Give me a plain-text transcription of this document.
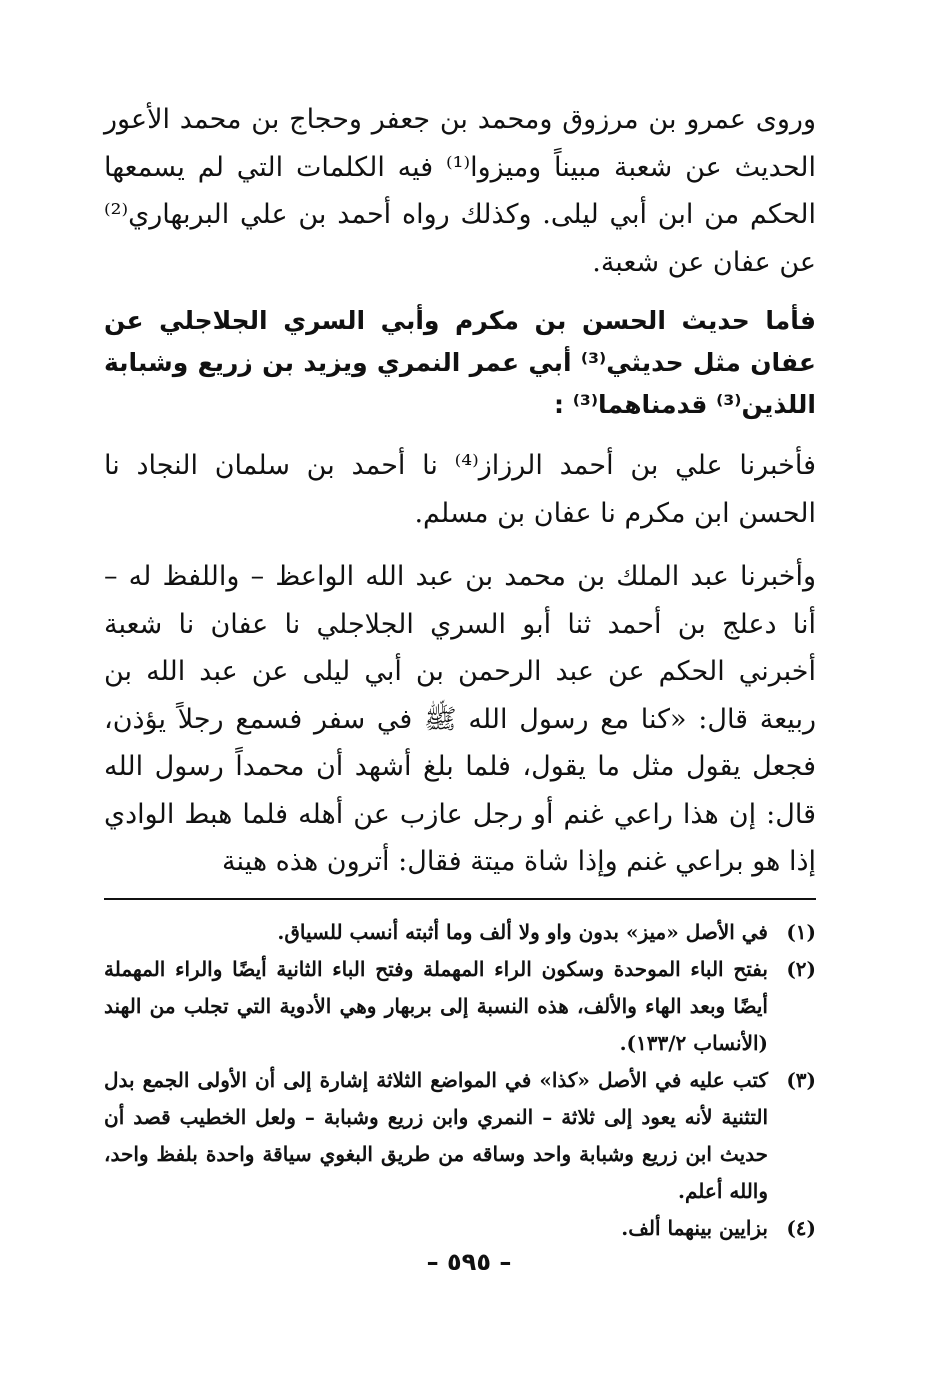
وروى عمرو بن مرزوق ومحمد بن جعفر وحجاج بن محمد الأعور الحديث عن شعبة مبيناً وميزوا⁽¹⁾ فيه الكلمات التي لم يسمعها الحكم من ابن أبي ليلى. وكذلك رواه أحمد بن علي البربهاري⁽²⁾ عن عفان عن شعبة.

فأما حديث الحسن بن مكرم وأبي السري الجلاجلي عن عفان مثل حديثي⁽³⁾ أبي عمر النمري ويزيد بن زريع وشبابة اللذين⁽³⁾ قدمناهما⁽³⁾ :

فأخبرنا علي بن أحمد الرزاز⁽⁴⁾ نا أحمد بن سلمان النجاد نا الحسن ابن مكرم نا عفان بن مسلم.

وأخبرنا عبد الملك بن محمد بن عبد الله الواعظ – واللفظ له – أنا دعلج بن أحمد ثنا أبو السري الجلاجلي نا عفان نا شعبة أخبرني الحكم عن عبد الرحمن بن أبي ليلى عن عبد الله بن ربيعة قال: «كنا مع رسول الله ﷺ في سفر فسمع رجلاً يؤذن، فجعل يقول مثل ما يقول، فلما بلغ أشهد أن محمداً رسول الله قال: إن هذا راعي غنم أو رجل عازب عن أهله فلما هبط الوادي إذا هو براعي غنم وإذا شاة ميتة فقال: أترون هذه هينة

(١)
في الأصل «ميز» بدون واو ولا ألف وما أثبته أنسب للسياق.
(٢)
بفتح الباء الموحدة وسكون الراء المهملة وفتح الباء الثانية أيضًا والراء المهملة أيضًا وبعد الهاء والألف، هذه النسبة إلى بربهار وهي الأدوية التي تجلب من الهند (الأنساب ١٣٣/٢).
(٣)
كتب عليه في الأصل «كذا» في المواضع الثلاثة إشارة إلى أن الأولى الجمع بدل التثنية لأنه يعود إلى ثلاثة – النمري وابن زريع وشبابة – ولعل الخطيب قصد أن حديث ابن زريع وشبابة واحد وساقه من طريق البغوي سياقة واحدة بلفظ واحد، والله أعلم.
(٤)
بزايين بينهما ألف.
– ٥٩٥ –
